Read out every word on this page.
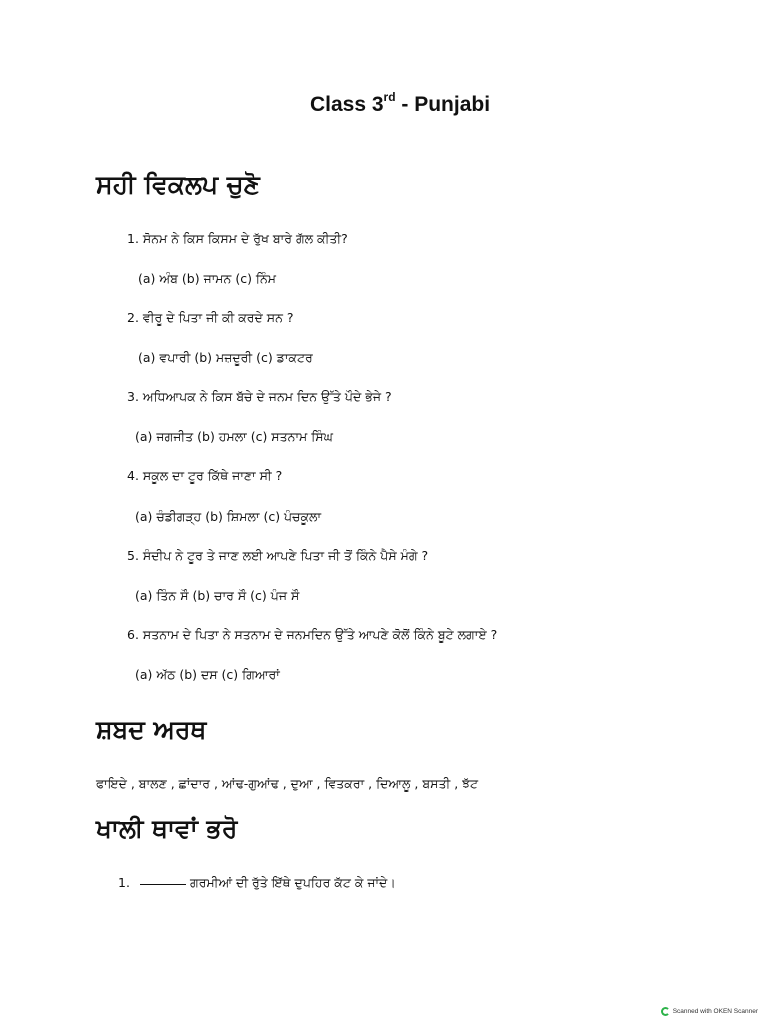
Class 3rd - Punjabi
ਸਹੀ ਵਿਕਲਪ ਚੁਣੋ
1. ਸੋਨਮ ਨੇ ਕਿਸ ਕਿਸਮ ਦੇ ਰੁੱਖ ਬਾਰੇ ਗੱਲ ਕੀਤੀ?
(a) ਅੰਬ (b) ਜਾਮਨ (c) ਨਿੰਮ
2. ਵੀਰੂ ਦੇ ਪਿਤਾ ਜੀ ਕੀ ਕਰਦੇ ਸਨ ?
(a) ਵਪਾਰੀ (b) ਮਜ਼ਦੂਰੀ (c) ਡਾਕਟਰ
3. ਅਧਿਆਪਕ ਨੇ ਕਿਸ ਬੱਚੇ ਦੇ ਜਨਮ ਦਿਨ ਉੱਤੇ ਪੌਦੇ ਭੇਜੇ ?
(a) ਜਗਜੀਤ (b) ਹਮਲਾ (c) ਸਤਨਾਮ ਸਿੰਘ
4. ਸਕੂਲ ਦਾ ਟੂਰ ਕਿੱਥੇ ਜਾਣਾ ਸੀ ?
(a) ਚੰਡੀਗੜ੍ਹ (b) ਸ਼ਿਮਲਾ (c) ਪੰਚਕੂਲਾ
5. ਸੰਦੀਪ ਨੇ ਟੂਰ ਤੇ ਜਾਣ ਲਈ ਆਪਣੇ ਪਿਤਾ ਜੀ ਤੋਂ ਕਿੰਨੇ ਪੈਸੇ ਮੰਗੇ ?
(a) ਤਿੰਨ ਸੌ (b) ਚਾਰ ਸੌ (c) ਪੰਜ ਸੌ
6. ਸਤਨਾਮ ਦੇ ਪਿਤਾ ਨੇ ਸਤਨਾਮ ਦੇ ਜਨਮਦਿਨ ਉੱਤੇ ਆਪਣੇ ਕੋਲੋਂ ਕਿੰਨੇ ਬੂਟੇ ਲਗਾਏ ?
(a) ਅੱਠ (b) ਦਸ (c) ਗਿਆਰਾਂ
ਸ਼ਬਦ ਅਰਥ
ਫਾਇਦੇ , ਬਾਲਣ , ਛਾਂਦਾਰ , ਆਂਢ-ਗੁਆਂਢ , ਦੁਆ , ਵਿਤਕਰਾ , ਦਿਆਲੂ , ਬਸਤੀ , ਝੱਟ
ਖਾਲੀ ਥਾਵਾਂ ਭਰੋ
1.	ਗਰਮੀਆਂ ਦੀ ਰੁੱਤੇ ਇੱਥੇ ਦੁਪਹਿਰ ਕੱਟ ਕੇ ਜਾਂਦੇ।
Scanned with OKEN Scanner
